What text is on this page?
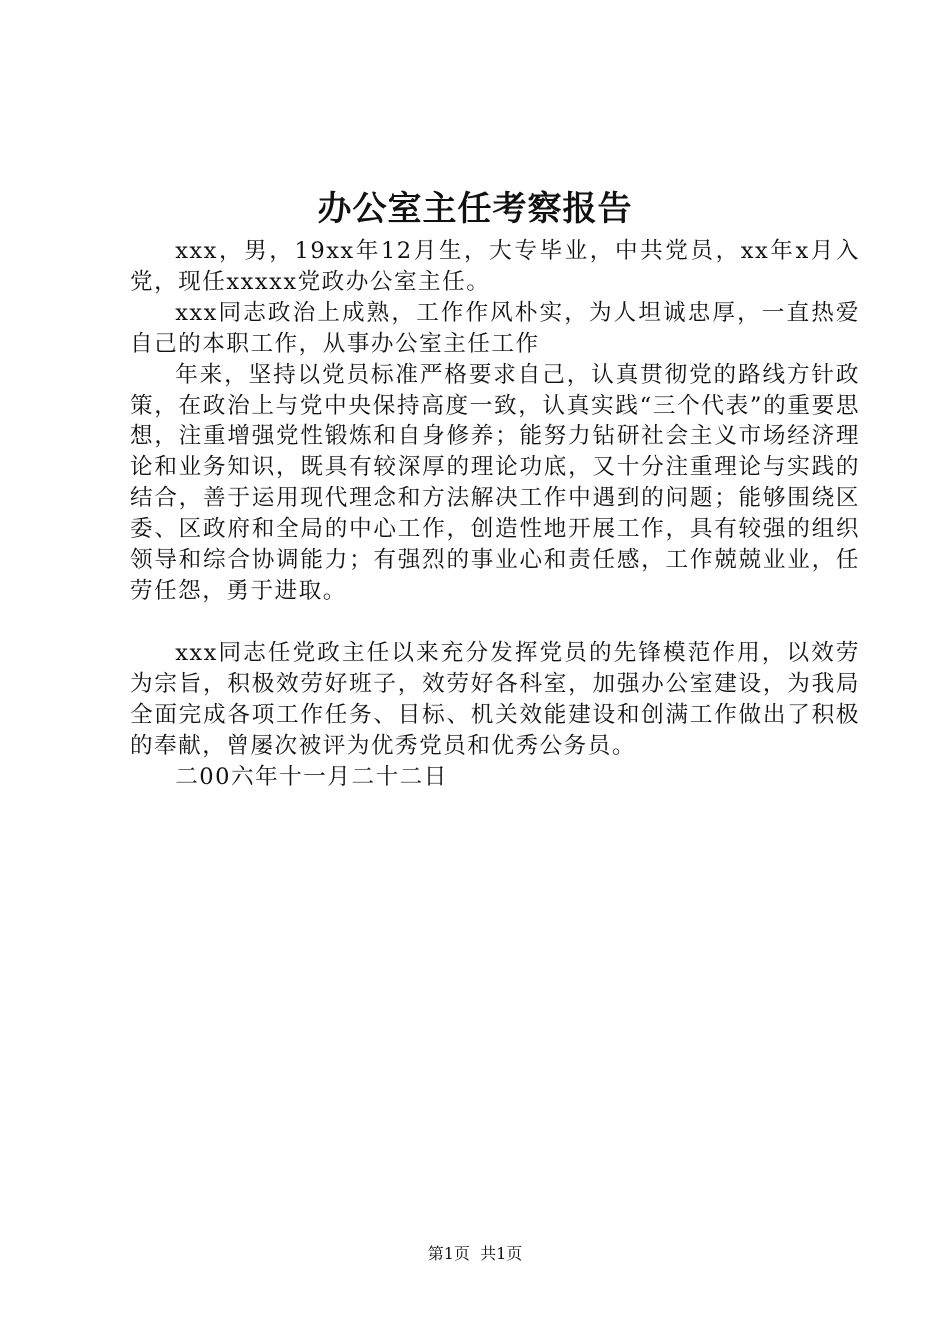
办公室主任考察报告

xxx，男，19xx年12月生，大专毕业，中共党员，xx年x月入党，现任xxxxx党政办公室主任。

xxx同志政治上成熟，工作作风朴实，为人坦诚忠厚，一直热爱自己的本职工作，从事办公室主任工作

年来，坚持以党员标准严格要求自己，认真贯彻党的路线方针政策，在政治上与党中央保持高度一致，认真实践“三个代表”的重要思想，注重增强党性锻炼和自身修养；能努力钻研社会主义市场经济理论和业务知识，既具有较深厚的理论功底，又十分注重理论与实践的结合，善于运用现代理念和方法解决工作中遇到的问题；能够围绕区委、区政府和全局的中心工作，创造性地开展工作，具有较强的组织领导和综合协调能力；有强烈的事业心和责任感，工作兢兢业业，任劳任怨，勇于进取。

xxx同志任党政主任以来充分发挥党员的先锋模范作用，以效劳为宗旨，积极效劳好班子，效劳好各科室，加强办公室建设，为我局全面完成各项工作任务、目标、机关效能建设和创满工作做出了积极的奉献，曾屡次被评为优秀党员和优秀公务员。

二00六年十一月二十二日

第1页 共1页
